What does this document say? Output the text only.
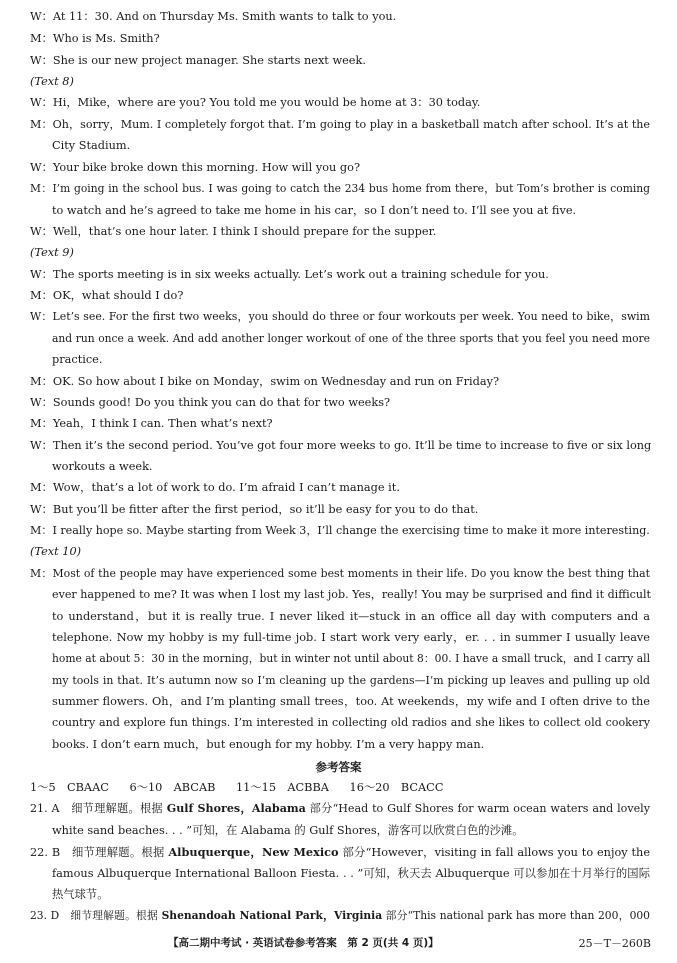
W：At 11：30. And on Thursday Ms. Smith wants to talk to you.
M：Who is Ms. Smith?
W：She is our new project manager. She starts next week.
(Text 8)
W：Hi，Mike，where are you? You told me you would be home at 3：30 today.
M：Oh，sorry，Mum. I completely forgot that. I’m going to play in a basketball match after school. It’s at the
City Stadium.
W：Your bike broke down this morning. How will you go?
M：I’m going in the school bus. I was going to catch the 234 bus home from there，but Tom’s brother is coming
to watch and he’s agreed to take me home in his car，so I don’t need to. I’ll see you at five.
W：Well，that’s one hour later. I think I should prepare for the supper.
(Text 9)
W：The sports meeting is in six weeks actually. Let’s work out a training schedule for you.
M：OK，what should I do?
W：Let’s see. For the first two weeks，you should do three or four workouts per week. You need to bike，swim
and run once a week. And add another longer workout of one of the three sports that you feel you need more
practice.
M：OK. So how about I bike on Monday，swim on Wednesday and run on Friday?
W：Sounds good! Do you think you can do that for two weeks?
M：Yeah，I think I can. Then what’s next?
W：Then it’s the second period. You’ve got four more weeks to go. It’ll be time to increase to five or six long
workouts a week.
M：Wow，that’s a lot of work to do. I’m afraid I can’t manage it.
W：But you’ll be fitter after the first period，so it’ll be easy for you to do that.
M：I really hope so. Maybe starting from Week 3，I’ll change the exercising time to make it more interesting.
(Text 10)
M：Most of the people may have experienced some best moments in their life. Do you know the best thing that
ever happened to me? It was when I lost my last job. Yes，really! You may be surprised and find it difficult
to understand，but it is really true. I never liked it—stuck in an office all day with computers and a
telephone. Now my hobby is my full-time job. I start work very early，er. . . in summer I usually leave
home at about 5：30 in the morning，but in winter not until about 8：00. I have a small truck，and I carry all
my tools in that. It’s autumn now so I’m cleaning up the gardens—I’m picking up leaves and pulling up old
summer flowers. Oh，and I’m planting small trees，too. At weekends，my wife and I often drive to the
country and explore fun things. I’m interested in collecting old radios and she likes to collect old cookery
books. I don’t earn much，but enough for my hobby. I’m a very happy man.
参考答案
1～5　CBAAC 6～10　ABCAB 11～15　ACBBA 16～20　BCACC
21. A　细节理解题。根据 Gulf Shores，Alabama 部分“Head to Gulf Shores for warm ocean waters and lovely
white sand beaches. . . ”可知，在 Alabama 的 Gulf Shores，游客可以欣赏白色的沙滩。
22. B　细节理解题。根据 Albuquerque，New Mexico 部分“However，visiting in fall allows you to enjoy the
famous Albuquerque International Balloon Fiesta. . . ”可知，秋天去 Albuquerque 可以参加在十月举行的国际
热气球节。
23. D　细节理解题。根据 Shenandoah National Park，Virginia 部分“This national park has more than 200，000
【高二期中考试 · 英语试卷参考答案　第 2 页(共 4 页)】	25－T－260B
